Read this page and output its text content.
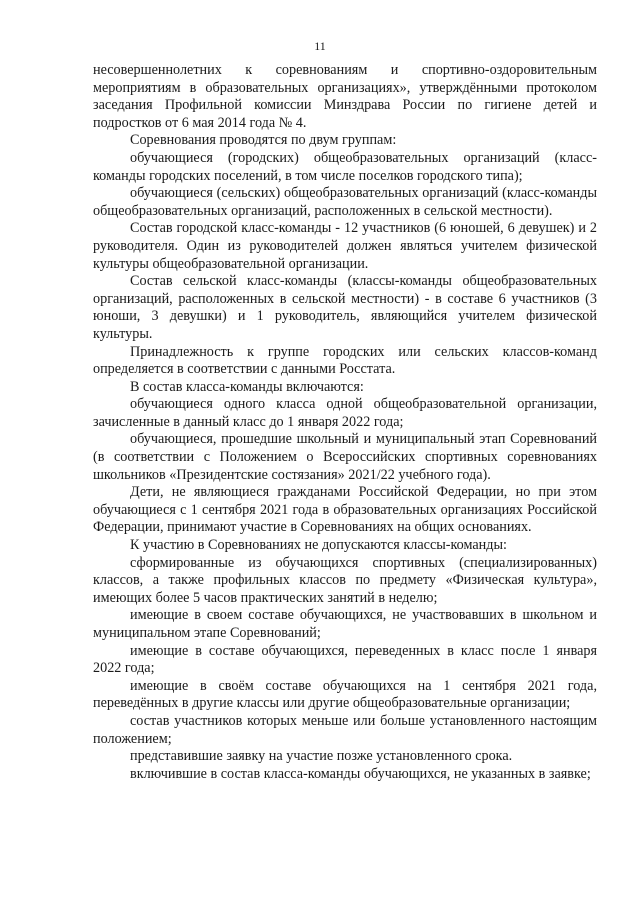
11

несовершеннолетних к соревнованиям и спортивно-оздоровительным мероприятиям в образовательных организациях», утверждёнными протоколом заседания Профильной комиссии Минздрава России по гигиене детей и подростков от 6 мая 2014 года № 4.

Соревнования проводятся по двум группам:

обучающиеся (городских) общеобразовательных организаций (класс-команды городских поселений, в том числе поселков городского типа);

обучающиеся (сельских) общеобразовательных организаций (класс-команды общеобразовательных организаций, расположенных в сельской местности).

Состав городской класс-команды - 12 участников (6 юношей, 6 девушек) и 2 руководителя. Один из руководителей должен являться учителем физической культуры общеобразовательной организации.

Состав сельской класс-команды (классы-команды общеобразовательных организаций, расположенных в сельской местности) - в составе 6 участников (3 юноши, 3 девушки) и 1 руководитель, являющийся учителем физической культуры.

Принадлежность к группе городских или сельских классов-команд определяется в соответствии с данными Росстата.

В состав класса-команды включаются:

обучающиеся одного класса одной общеобразовательной организации, зачисленные в данный класс до 1 января 2022 года;

обучающиеся, прошедшие школьный и муниципальный этап Соревнований (в соответствии с Положением о Всероссийских спортивных соревнованиях школьников «Президентские состязания» 2021/22 учебного года).

Дети, не являющиеся гражданами Российской Федерации, но при этом обучающиеся с 1 сентября 2021 года в образовательных организациях Российской Федерации, принимают участие в Соревнованиях на общих основаниях.

К участию в Соревнованиях не допускаются классы-команды:

сформированные из обучающихся спортивных (специализированных) классов, а также профильных классов по предмету «Физическая культура», имеющих более 5 часов практических занятий в неделю;

имеющие в своем составе обучающихся, не участвовавших в школьном и муниципальном этапе Соревнований;

имеющие в составе обучающихся, переведенных в класс после 1 января 2022 года;

имеющие в своём составе обучающихся на 1 сентября 2021 года, переведённых в другие классы или другие общеобразовательные организации;

состав участников которых меньше или больше установленного настоящим положением;

представившие заявку на участие позже установленного срока.

включившие в состав класса-команды обучающихся, не указанных в заявке;
